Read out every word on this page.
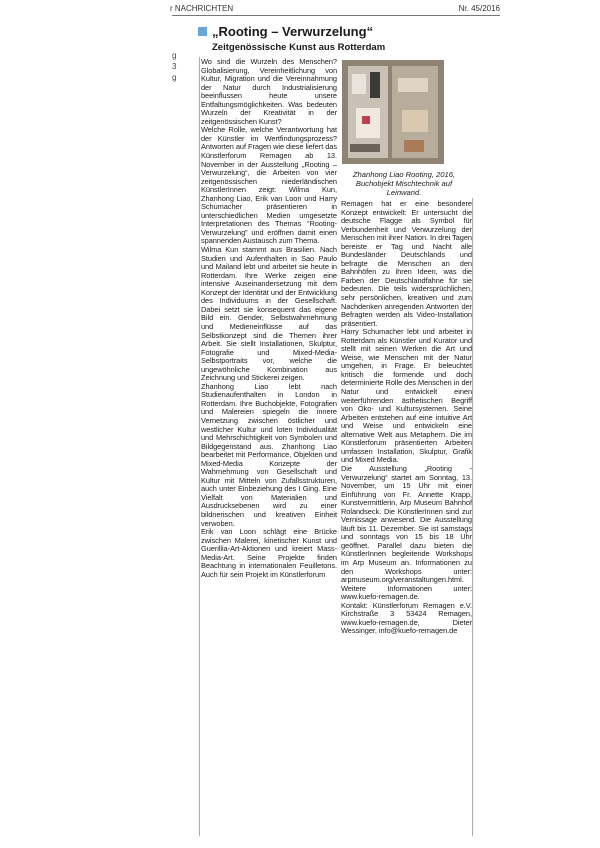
r NACHRICHTEN	Nr. 45/2016
g
3
g
„Rooting – Verwurzelung“
Zeitgenössische Kunst aus Rotterdam
Zhanhong Liao Rooting, 2016, Buchobjekt Mischtechnik auf Leinwand.

Wo sind die Wurzeln des Menschen? Globalisierung, Vereinheitlichung von Kultur, Migration und die Vereinnahmung der Natur durch Industrialisierung beeinflussen heute unsere Entfaltungsmöglichkeiten. Was bedeuten Wurzeln der Kreativität in der zeitgenössischen Kunst?

Welche Rolle, welche Verantwortung hat der Künstler im Wertfindungsprozess? Antworten auf Fragen wie diese liefert das Künstlerforum Remagen ab 13. November in der Ausstellung „Rooting – Verwurzelung“, die Arbeiten von vier zeitgenössischen niederländischen KünstlerInnen zeigt: Wilma Kun, Zhanhong Liao, Erik van Loon und Harry Schumacher präsentieren in unterschiedlichen Medien umgesetzte Interpretationen des Themas “Rooting- Verwurzelung” und eröffnen damit einen spannenden Austausch zum Thema.

Wilma Kun stammt aus Brasilien. Nach Studien und Aufenthalten in Sao Paulo und Mailand lebt und arbeitet sie heute in Rotterdam. Ihre Werke zeigen eine intensive Auseinandersetzung mit dem Konzept der Identität und der Entwicklung des Individuums in der Gesellschaft. Dabei setzt sie konsequent das eigene Bild ein. Gender, Selbstwahrnehmung und Medieneinflüsse auf das Selbstkonzept sind die Themen ihrer Arbeit. Sie stellt Installationen, Skulptur, Fotografie und Mixed-Media-Selbstportraits vor, welche die ungewöhnliche Kombination aus Zeichnung und Stickerei zeigen.

Zhanhong Liao lebt nach Studienaufenthalten in London in Rotterdam. Ihre Buchobjekte, Fotografien und Malereien spiegeln die innere Vernetzung zwischen östlicher und westlicher Kultur und loten Individualität und Mehrschichtigkeit von Symbolen und Bildgegenstand aus. Zhanhong Liao bearbeitet mit Performance, Objekten und Mixed-Media Konzepte der Wahrnehmung von Gesellschaft und Kultur mit Mitteln von Zufallsstrukturen, auch unter Einbeziehung des I Ging. Eine Vielfalt von Materialien und Ausdrucksebenen wird zu einer bildnerischen und kreativen Einheit verwoben.

Erik van Loon schlägt eine Brücke zwischen Malerei, kinetischer Kunst und Guerillia-Art-Aktionen und kreiert Mass-Media-Art. Seine Projekte finden Beachtung in internationalen Feuilletons. Auch für sein Projekt im Künstlerforum

Remagen hat er eine besondere Konzept entwickelt: Er untersucht die deutsche Flagge als Symbol für Verbundenheit und Verwurzelung der Menschen mit ihrer Nation. In drei Tagen bereiste er Tag und Nacht alle Bundesländer Deutschlands und befragte die Menschen an den Bahnhöfen zu ihren Ideen, was die Farben der Deutschlandfahne für sie bedeuten. Die teils widersprüchlichen, sehr persönlichen, kreativen und zum Nachdenken anregenden Antworten der Befragten werden als Video-Installation präsentiert.

Harry Schumacher lebt und arbeitet in Rotterdam als Künstler und Kurator und stellt mit seinen Werken die Art und Weise, wie Menschen mit der Natur umgehen, in Frage. Er beleuchtet kritisch die formende und doch determinierte Rolle des Menschen in der Natur und entwickelt einen weiterführenden ästhetischen Begriff von Öko- und Kultursystemen. Seine Arbeiten entstehen auf eine intuitive Art und Weise und entwickeln eine alternative Welt aus Metaphern. Die im Künstlerforum präsentierten Arbeiten umfassen Installation, Skulptur, Grafik und Mixed Media.

Die Ausstellung „Rooting - Verwurzelung“ startet am Sonntag, 13. November, um 15 Uhr mit einer Einführung von Fr. Annette Krapp, Kunstvermittlerin, Arp Museum Bahnhof Rolandseck. Die KünstlerInnen sind zur Vernissage anwesend. Die Ausstellung läuft bis 11. Dezember. Sie ist samstags und sonntags von 15 bis 18 Uhr geöffnet. Parallel dazu bieten die KünstlerInnen begleitende Workshops im Arp Museum an. Informationen zu den Workshops unter: arpmuseum.org/veranstaltungen.html. Weitere Informationen unter: www.kuefo-remagen.de.

Kontakt: Künstlerforum Remagen e.V. Kirchstraße 3 53424 Remagen, www.kuefo-remagen.de, Dieter Wessinger, info@kuefo-remagen.de
